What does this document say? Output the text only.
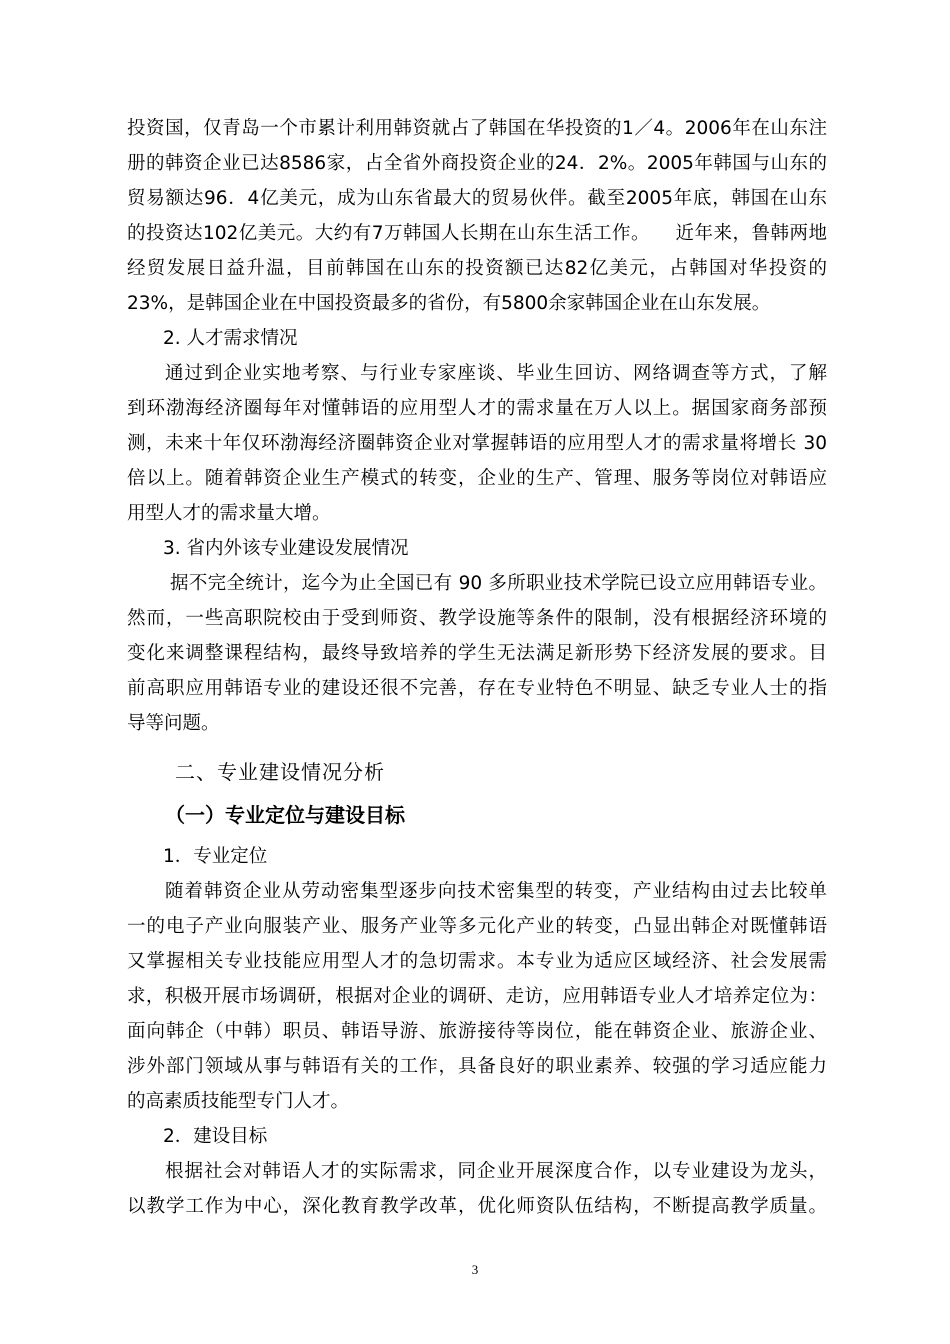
投资国，仅青岛一个市累计利用韩资就占了韩国在华投资的1／4。2006年在山东注
册的韩资企业已达8586家，占全省外商投资企业的24．2%。2005年韩国与山东的
贸易额达96．4亿美元，成为山东省最大的贸易伙伴。截至2005年底，韩国在山东
的投资达102亿美元。大约有7万韩国人长期在山东生活工作。    近年来，鲁韩两地
经贸发展日益升温，目前韩国在山东的投资额已达82亿美元，占韩国对华投资的
23%，是韩国企业在中国投资最多的省份，有5800余家韩国企业在山东发展。
2. 人才需求情况
通过到企业实地考察、与行业专家座谈、毕业生回访、网络调查等方式，了解
到环渤海经济圈每年对懂韩语的应用型人才的需求量在万人以上。据国家商务部预
测，未来十年仅环渤海经济圈韩资企业对掌握韩语的应用型人才的需求量将增长 30
倍以上。随着韩资企业生产模式的转变，企业的生产、管理、服务等岗位对韩语应
用型人才的需求量大增。
3. 省内外该专业建设发展情况
据不完全统计，迄今为止全国已有 90 多所职业技术学院已设立应用韩语专业。
然而，一些高职院校由于受到师资、教学设施等条件的限制，没有根据经济环境的
变化来调整课程结构，最终导致培养的学生无法满足新形势下经济发展的要求。目
前高职应用韩语专业的建设还很不完善，存在专业特色不明显、缺乏专业人士的指
导等问题。
二、专业建设情况分析
（一）专业定位与建设目标
1．专业定位
随着韩资企业从劳动密集型逐步向技术密集型的转变，产业结构由过去比较单
一的电子产业向服装产业、服务产业等多元化产业的转变，凸显出韩企对既懂韩语
又掌握相关专业技能应用型人才的急切需求。本专业为适应区域经济、社会发展需
求，积极开展市场调研，根据对企业的调研、走访，应用韩语专业人才培养定位为：
面向韩企（中韩）职员、韩语导游、旅游接待等岗位，能在韩资企业、旅游企业、
涉外部门领域从事与韩语有关的工作，具备良好的职业素养、较强的学习适应能力
的高素质技能型专门人才。
2．建设目标
根据社会对韩语人才的实际需求，同企业开展深度合作，以专业建设为龙头，
以教学工作为中心，深化教育教学改革，优化师资队伍结构，不断提高教学质量。
3
